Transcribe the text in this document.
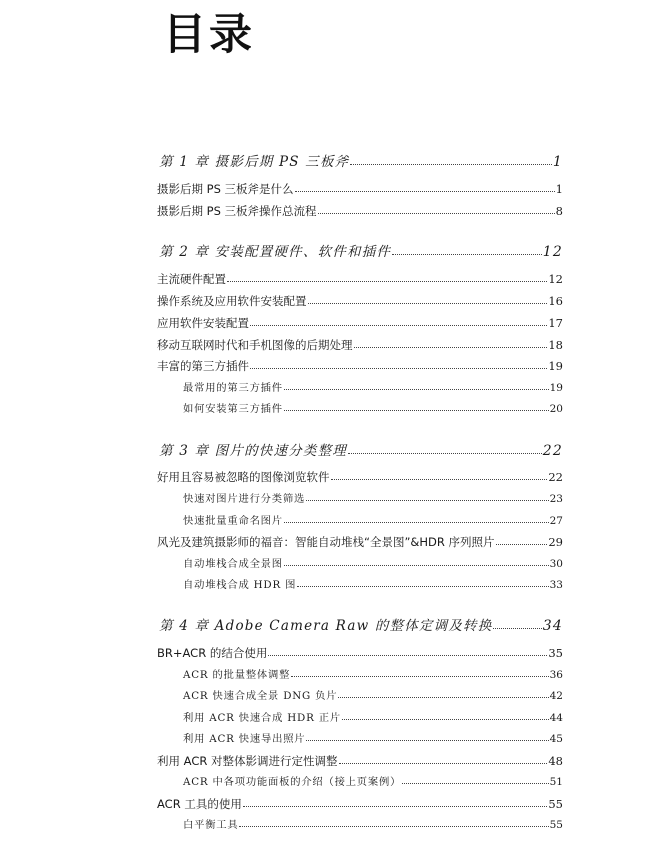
目录
第 1 章 摄影后期 PS 三板斧	1
摄影后期 PS 三板斧是什么	1
摄影后期 PS 三板斧操作总流程	8
第 2 章 安装配置硬件、软件和插件	12
主流硬件配置	12
操作系统及应用软件安装配置	16
应用软件安装配置	17
移动互联网时代和手机图像的后期处理	18
丰富的第三方插件	19
最常用的第三方插件	19
如何安装第三方插件	20
第 3 章 图片的快速分类整理	22
好用且容易被忽略的图像浏览软件	22
快速对图片进行分类筛选	23
快速批量重命名图片	27
风光及建筑摄影师的福音：智能自动堆栈“全景图”&HDR 序列照片	29
自动堆栈合成全景图	30
自动堆栈合成 HDR 图	33
第 4 章 Adobe Camera Raw 的整体定调及转换	34
BR+ACR 的结合使用	35
ACR 的批量整体调整	36
ACR 快速合成全景 DNG 负片	42
利用 ACR 快速合成 HDR 正片	44
利用 ACR 快速导出照片	45
利用 ACR 对整体影调进行定性调整	48
ACR 中各项功能面板的介绍（接上页案例）	51
ACR 工具的使用	55
白平衡工具	55
